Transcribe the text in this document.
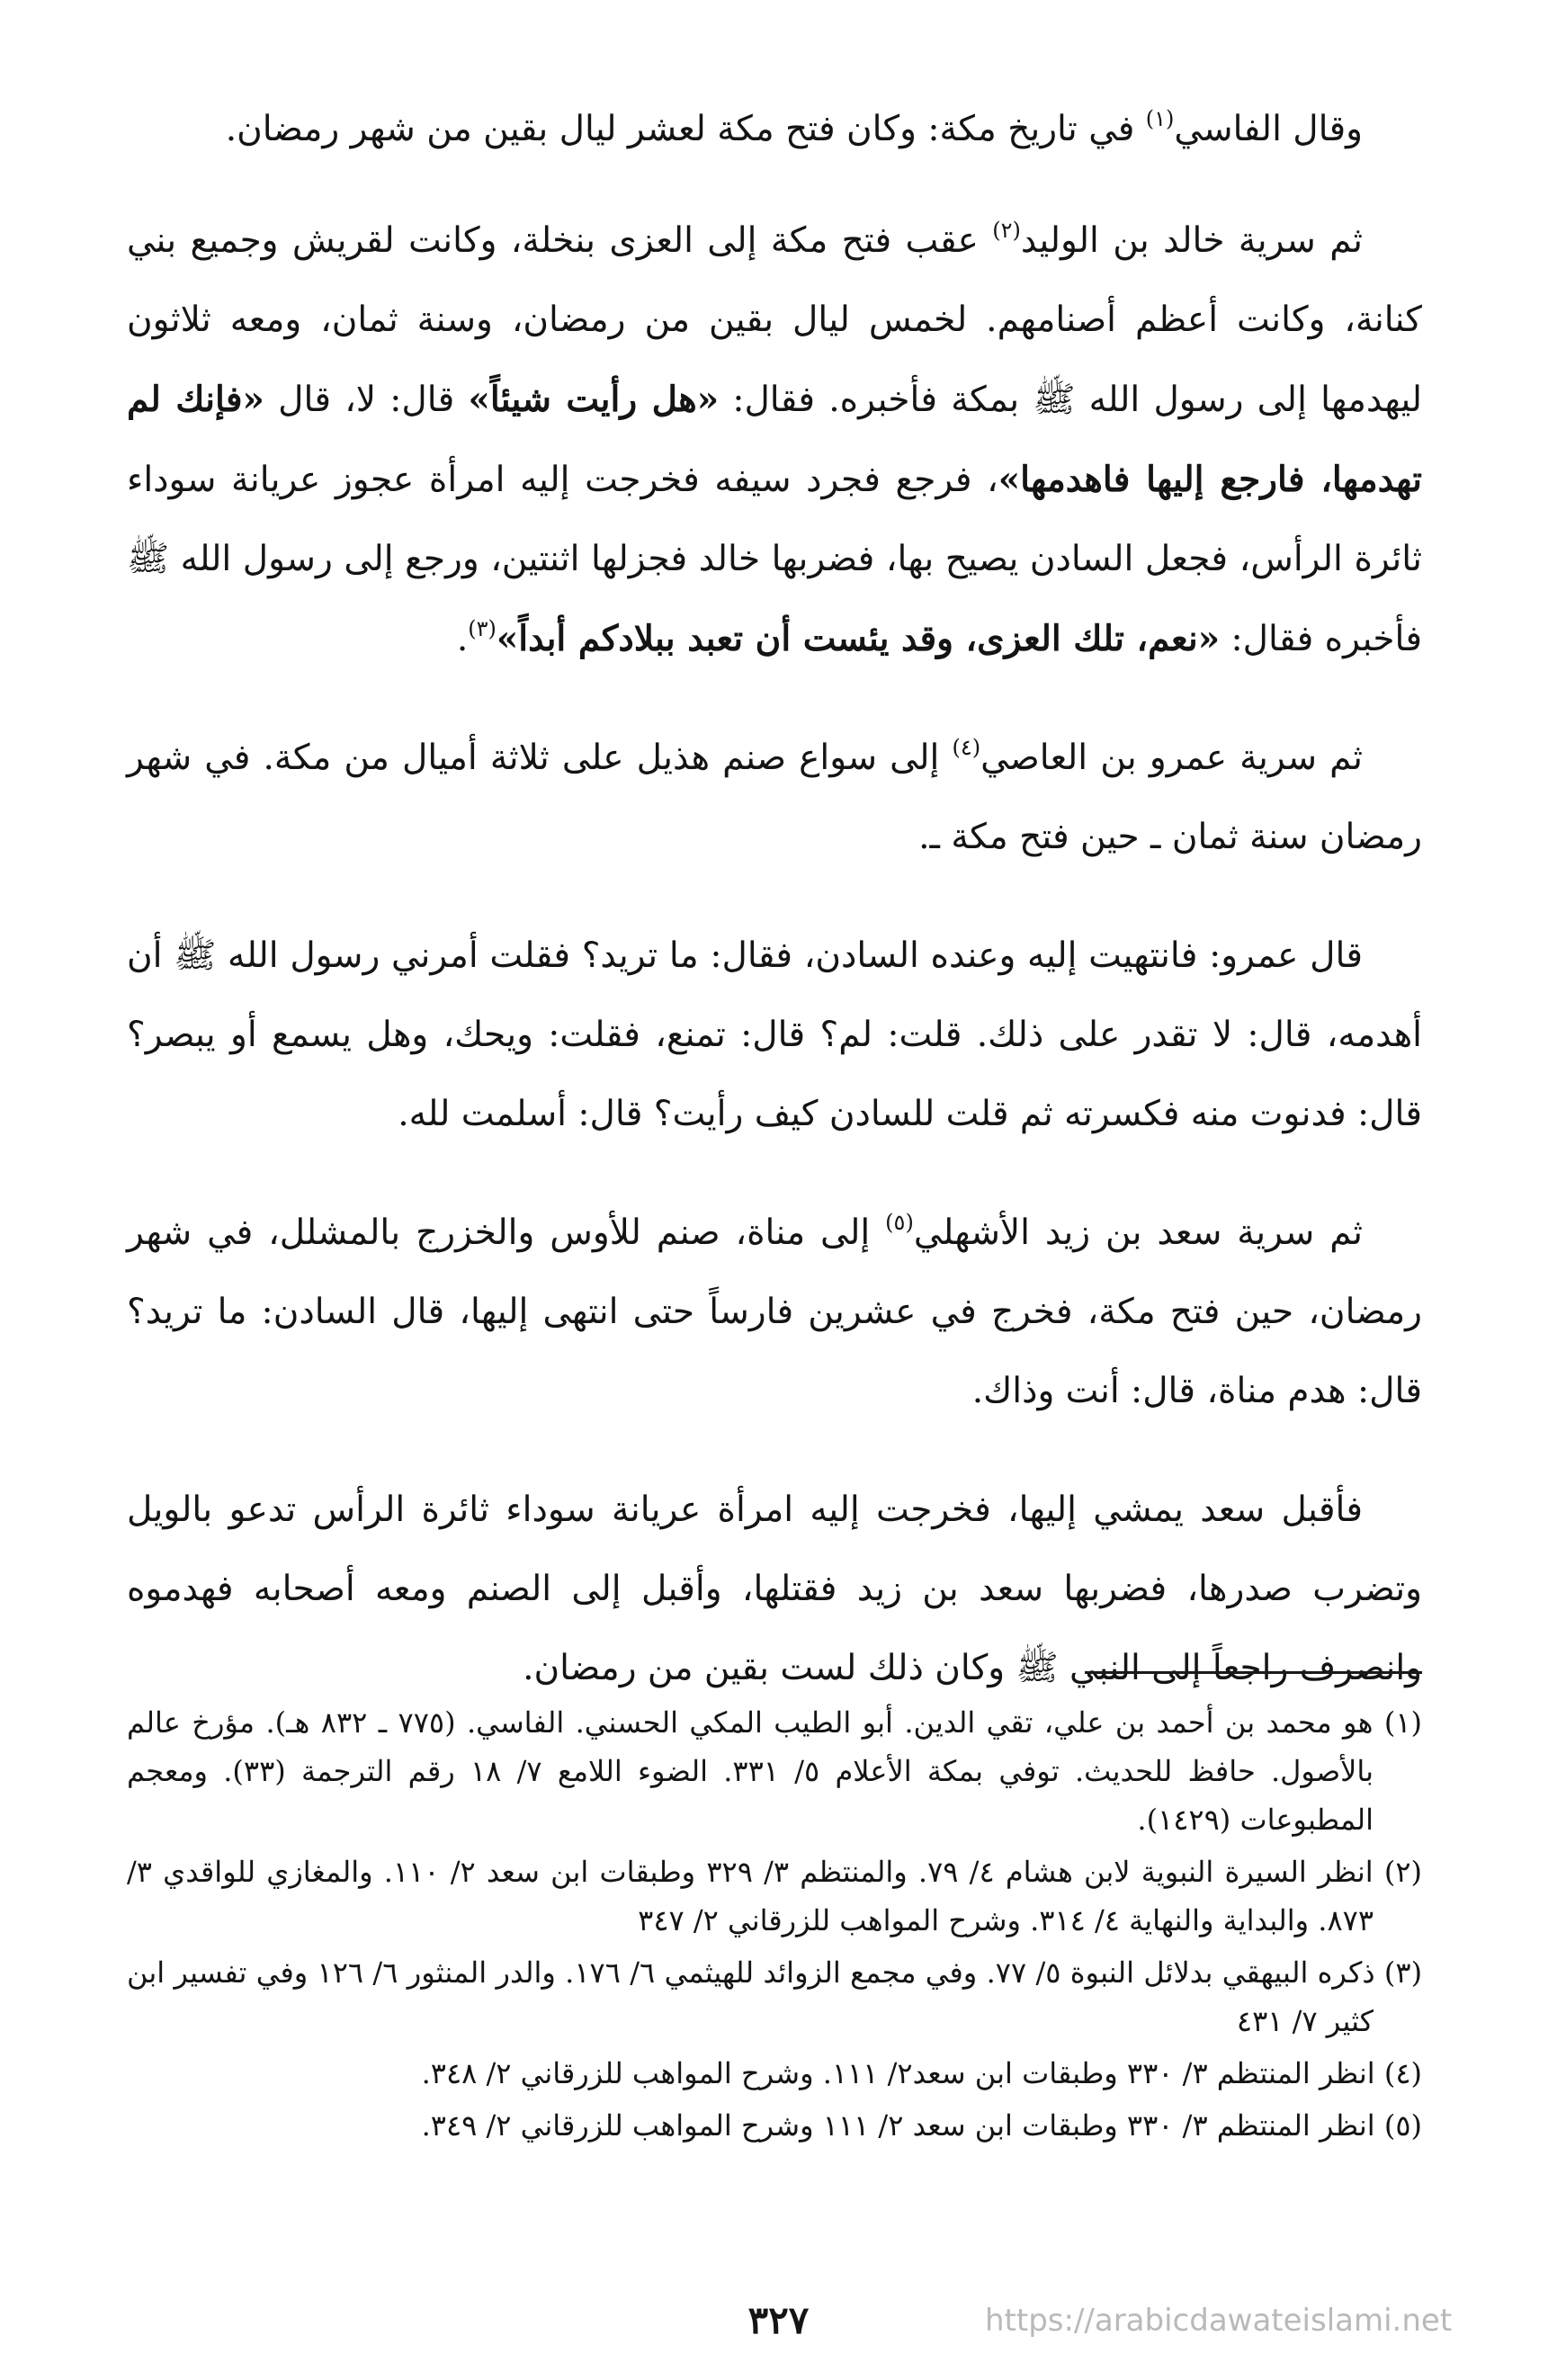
وقال الفاسي$^{(١)}$ في تاريخ مكة: وكان فتح مكة لعشر ليال بقين من شهر رمضان.

ثم سرية خالد بن الوليد$^{(٢)}$ عقب فتح مكة إلى العزى بنخلة، وكانت لقريش وجميع بني كنانة، وكانت أعظم أصنامهم. لخمس ليال بقين من رمضان، وسنة ثمان، ومعه ثلاثون ليهدمها إلى رسول الله ﷺ بمكة فأخبره. فقال: «هل رأيت شيئاً» قال: لا، قال «فإنك لم تهدمها، فارجع إليها فاهدمها»، فرجع فجرد سيفه فخرجت إليه امرأة عجوز عريانة سوداء ثائرة الرأس، فجعل السادن يصيح بها، فضربها خالد فجزلها اثنتين، ورجع إلى رسول الله ﷺ فأخبره فقال: «نعم، تلك العزى، وقد يئست أن تعبد ببلادكم أبداً»$^{(٣)}$.

ثم سرية عمرو بن العاصي$^{(٤)}$ إلى سواع صنم هذيل على ثلاثة أميال من مكة. في شهر رمضان سنة ثمان ـ حين فتح مكة ـ.

قال عمرو: فانتهيت إليه وعنده السادن، فقال: ما تريد؟ فقلت أمرني رسول الله ﷺ أن أهدمه، قال: لا تقدر على ذلك. قلت: لم؟ قال: تمنع، فقلت: ويحك، وهل يسمع أو يبصر؟ قال: فدنوت منه فكسرته ثم قلت للسادن كيف رأيت؟ قال: أسلمت لله.

ثم سرية سعد بن زيد الأشهلي$^{(٥)}$ إلى مناة، صنم للأوس والخزرج بالمشلل، في شهر رمضان، حين فتح مكة، فخرج في عشرين فارساً حتى انتهى إليها، قال السادن: ما تريد؟ قال: هدم مناة، قال: أنت وذاك.

فأقبل سعد يمشي إليها، فخرجت إليه امرأة عريانة سوداء ثائرة الرأس تدعو بالويل وتضرب صدرها، فضربها سعد بن زيد فقتلها، وأقبل إلى الصنم ومعه أصحابه فهدموه وانصرف راجعاً إلى النبي ﷺ وكان ذلك لست بقين من رمضان.

(١) هو محمد بن أحمد بن علي، تقي الدين. أبو الطيب المكي الحسني. الفاسي. (٧٧٥ ـ ٨٣٢ هـ). مؤرخ عالم بالأصول. حافظ للحديث. توفي بمكة الأعلام ٥/ ٣٣١. الضوء اللامع ٧/ ١٨ رقم الترجمة (٣٣). ومعجم المطبوعات (١٤٢٩).
(٢) انظر السيرة النبوية لابن هشام ٤/ ٧٩. والمنتظم ٣/ ٣٢٩ وطبقات ابن سعد ٢/ ١١٠. والمغازي للواقدي ٣/ ٨٧٣. والبداية والنهاية ٤/ ٣١٤. وشرح المواهب للزرقاني ٢/ ٣٤٧
(٣) ذكره البيهقي بدلائل النبوة ٥/ ٧٧. وفي مجمع الزوائد للهيثمي ٦/ ١٧٦. والدر المنثور ٦/ ١٢٦ وفي تفسير ابن كثير ٧/ ٤٣١
(٤) انظر المنتظم ٣/ ٣٣٠ وطبقات ابن سعد٢/ ١١١. وشرح المواهب للزرقاني ٢/ ٣٤٨.
(٥) انظر المنتظم ٣/ ٣٣٠ وطبقات ابن سعد ٢/ ١١١ وشرح المواهب للزرقاني ٢/ ٣٤٩.
٣٢٧	https://arabicdawateislami.net
